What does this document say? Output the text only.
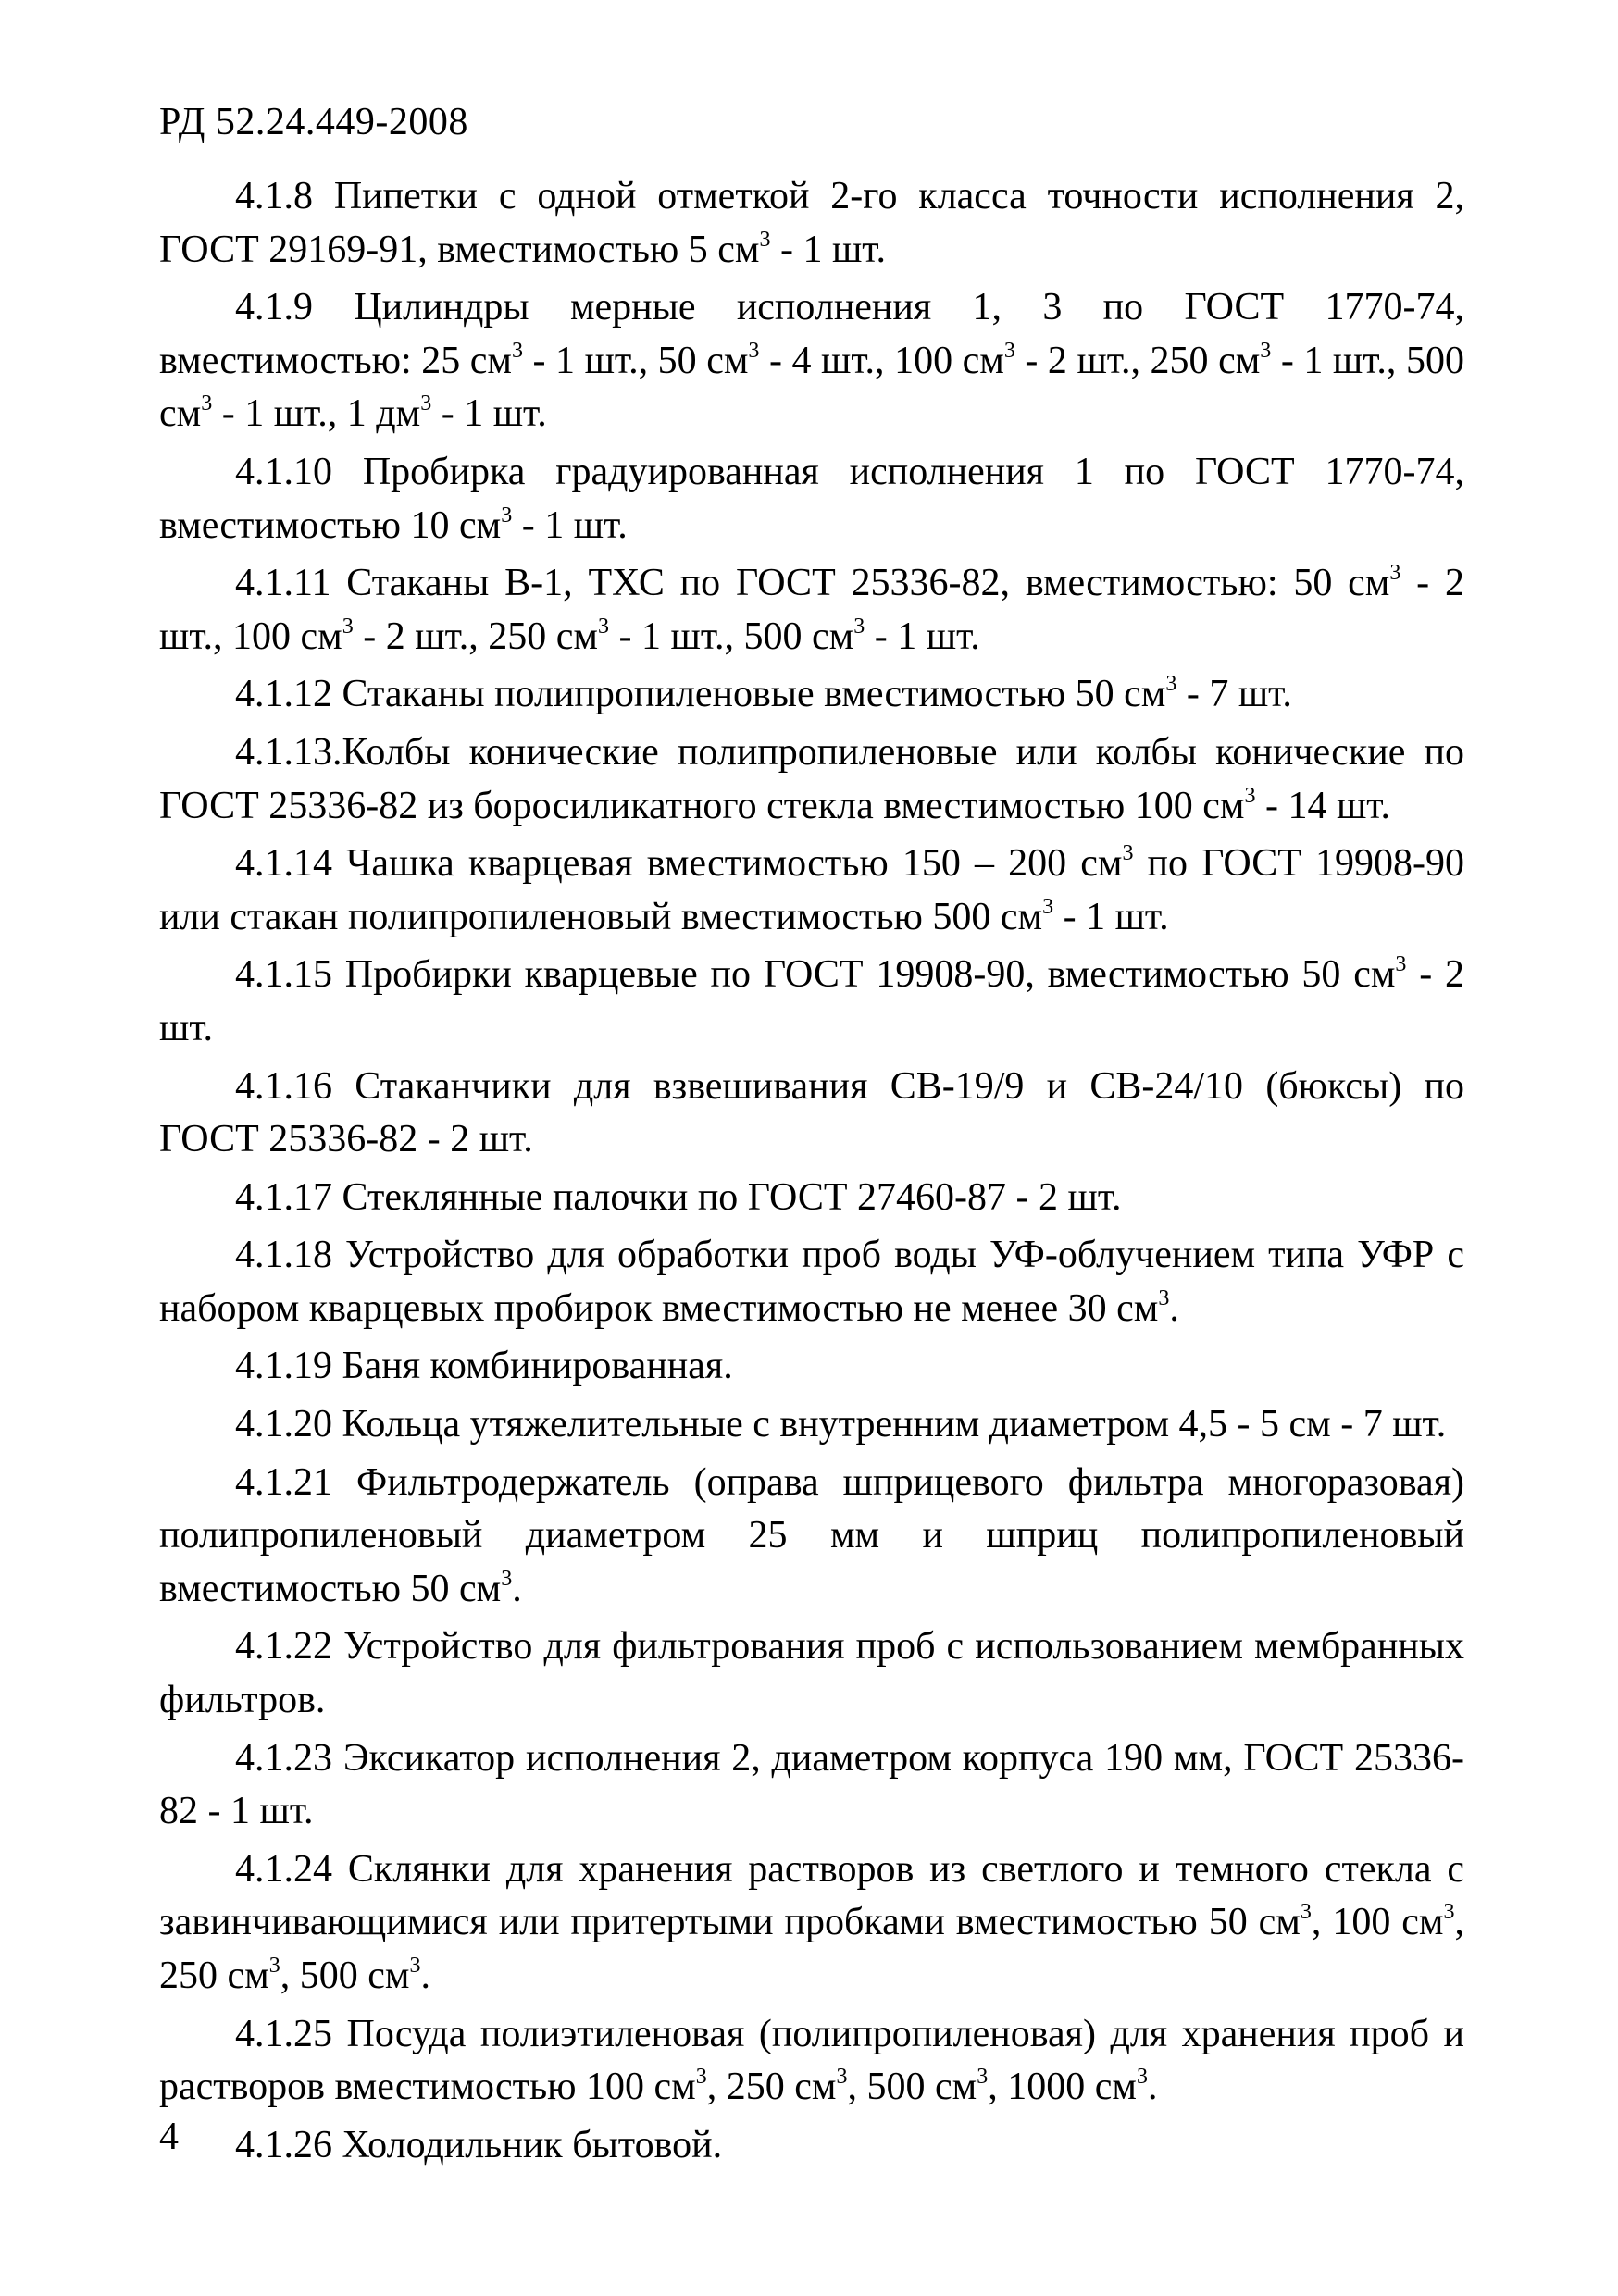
РД 52.24.449-2008

4.1.8 Пипетки с одной отметкой 2-го класса точности исполнения 2, ГОСТ 29169-91, вместимостью 5 $см^3 - 1$ шт.

4.1.9 Цилиндры мерные исполнения 1, 3 по ГОСТ 1770-74, вместимостью: 25 $см^3 - 1$ шт., 50 $см^3 - 4$ шт., 100 $см^3 - 2$ шт., 250 $см^3 - 1$ шт., 500 $см^3 - 1$ шт., 1 $дм^3 - 1$ шт.

4.1.10 Пробирка градуированная исполнения 1 по ГОСТ 1770-74, вместимостью 10 $см^3 - 1$ шт.

4.1.11 Стаканы В-1, ТХС по ГОСТ 25336-82, вместимостью: 50 $см^3 - 2$ шт., 100 $см^3 - 2$ шт., 250 $см^3 - 1$ шт., 500 $см^3 - 1$ шт.

4.1.12 Стаканы полипропиленовые вместимостью 50 $см^3 - 7$ шт.

4.1.13.Колбы конические полипропиленовые или колбы конические по ГОСТ 25336-82 из боросиликатного стекла вместимостью 100 $см^3 - 14$ шт.

4.1.14 Чашка кварцевая вместимостью 150 – 200 $см^3$ по ГОСТ 19908-90 или стакан полипропиленовый вместимостью 500 $см^3 - 1$ шт.

4.1.15 Пробирки кварцевые по ГОСТ 19908-90, вместимостью 50 $см^3 - 2$ шт.

4.1.16 Стаканчики для взвешивания СВ-19/9 и СВ-24/10 (бюксы) по ГОСТ 25336-82 - 2 шт.

4.1.17 Стеклянные палочки по ГОСТ 27460-87 - 2 шт.

4.1.18 Устройство для обработки проб воды УФ-облучением типа УФР с набором кварцевых пробирок вместимостью не менее 30 $см^3$.

4.1.19 Баня комбинированная.

4.1.20 Кольца утяжелительные с внутренним диаметром 4,5 - 5 см - 7 шт.

4.1.21 Фильтродержатель (оправа шприцевого фильтра многоразовая) полипропиленовый диаметром 25 мм и шприц полипропиленовый вместимостью 50 $см^3$.

4.1.22 Устройство для фильтрования проб с использованием мембранных фильтров.

4.1.23 Эксикатор исполнения 2, диаметром корпуса 190 мм, ГОСТ 25336-82 - 1 шт.

4.1.24 Склянки для хранения растворов из светлого и темного стекла с завинчивающимися или притертыми пробками вместимостью 50 $см^3$, 100 $см^3$, 250 $см^3$, 500 $см^3$.

4.1.25 Посуда полиэтиленовая (полипропиленовая) для хранения проб и растворов вместимостью 100 $см^3$, 250 $см^3$, 500 $см^3$, 1000 $см^3$.

4.1.26 Холодильник бытовой.

4
